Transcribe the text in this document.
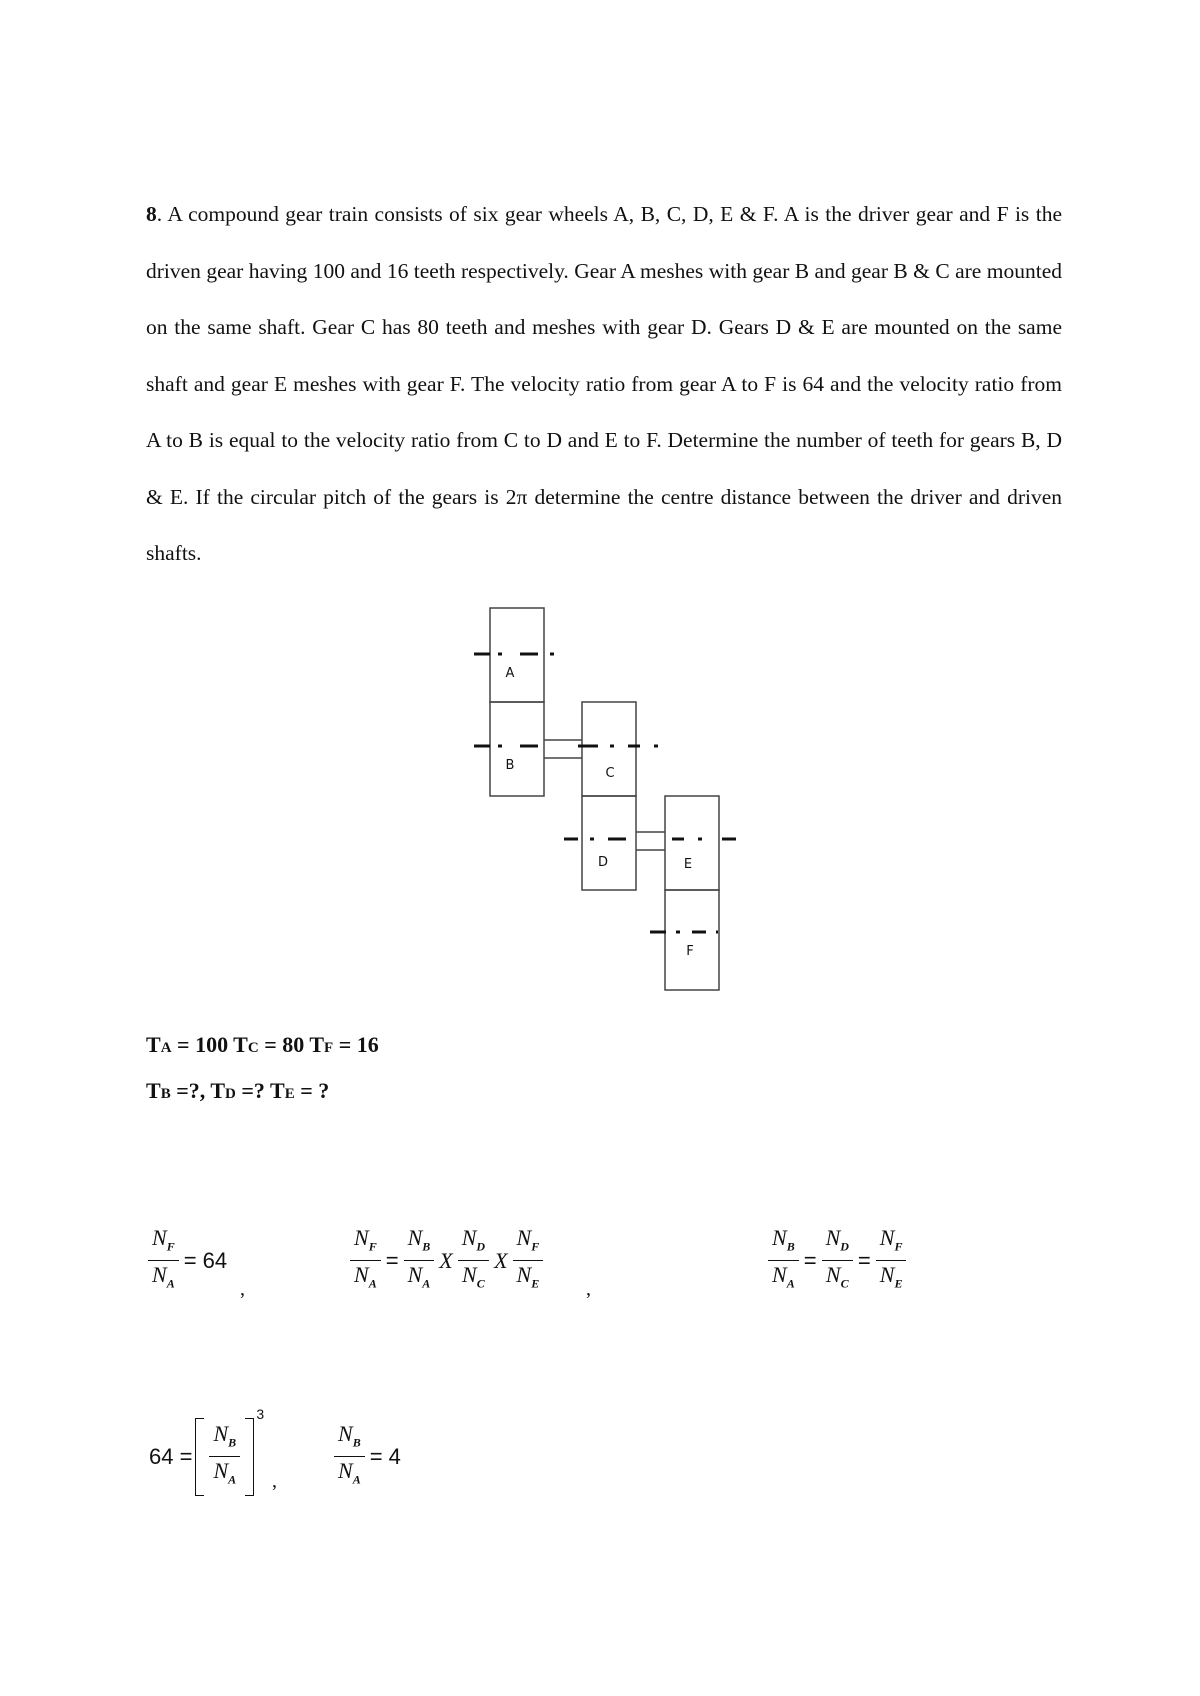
8. A compound gear train consists of six gear wheels A, B, C, D, E & F. A is the driver gear and F is the driven gear having 100 and 16 teeth respectively. Gear A meshes with gear B and gear B & C are mounted on the same shaft. Gear C has 80 teeth and meshes with gear D. Gears D & E are mounted on the same shaft and gear E meshes with gear F. The velocity ratio from gear A to F is 64 and the velocity ratio from A to B is equal to the velocity ratio from C to D and E to F. Determine the number of teeth for gears B, D & E. If the circular pitch of the gears is 2π determine the centre distance between the driver and driven shafts.

A
B
C
D	E
F

TA = 100 TC = 80 TF = 16

TB =?, TD =? TE = ?

$\frac{N_F}{N_A} = 64$
,	$\frac{N_F}{N_A} = \frac{N_B}{N_A}$ X $\frac{N_D}{N_C}$ X $\frac{N_F}{N_E}$ ,	$\frac{N_B}{N_A} = \frac{N_D}{N_C} = \frac{N_F}{N_E}$
$64 = \frac{N_B}{N_A}$
3
,	$\frac{N_B}{N_A} = 4$
